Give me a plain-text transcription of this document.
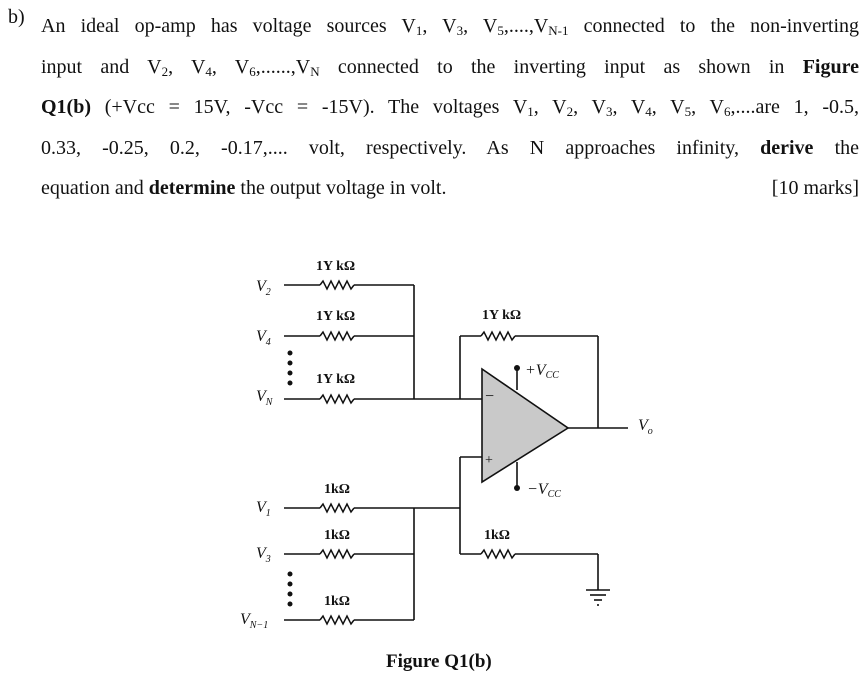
b) An ideal op-amp has voltage sources $V_1$, $V_3$, $V_5,....,V_{N-1}$ connected to the non-inverting
input and $V_2$, $V_4$, $V_6,......,V_N$ connected to the inverting input as shown in Figure
Q1(b) (+Vcc = 15V, -Vcc = -15V). The voltages $V_1$, $V_2$, $V_3$, $V_4$, $V_5$, $V_6,....are$ 1, -0.5,
0.33, -0.25, 0.2, -0.17,.... volt, respectively. As N approaches infinity, derive the
equation and determine the output voltage in volt.	[10 marks]
−
+
+VCC
−VCC
1Y kΩ
1Y kΩ
1Y kΩ
1Y kΩ
$V_o$
1kΩ
1kΩ
1kΩ
1kΩ
$V_2$
$V_4$
$V_N$
$V_1$
$V_3$
$V_{N-1}$
Figure Q1(b)
